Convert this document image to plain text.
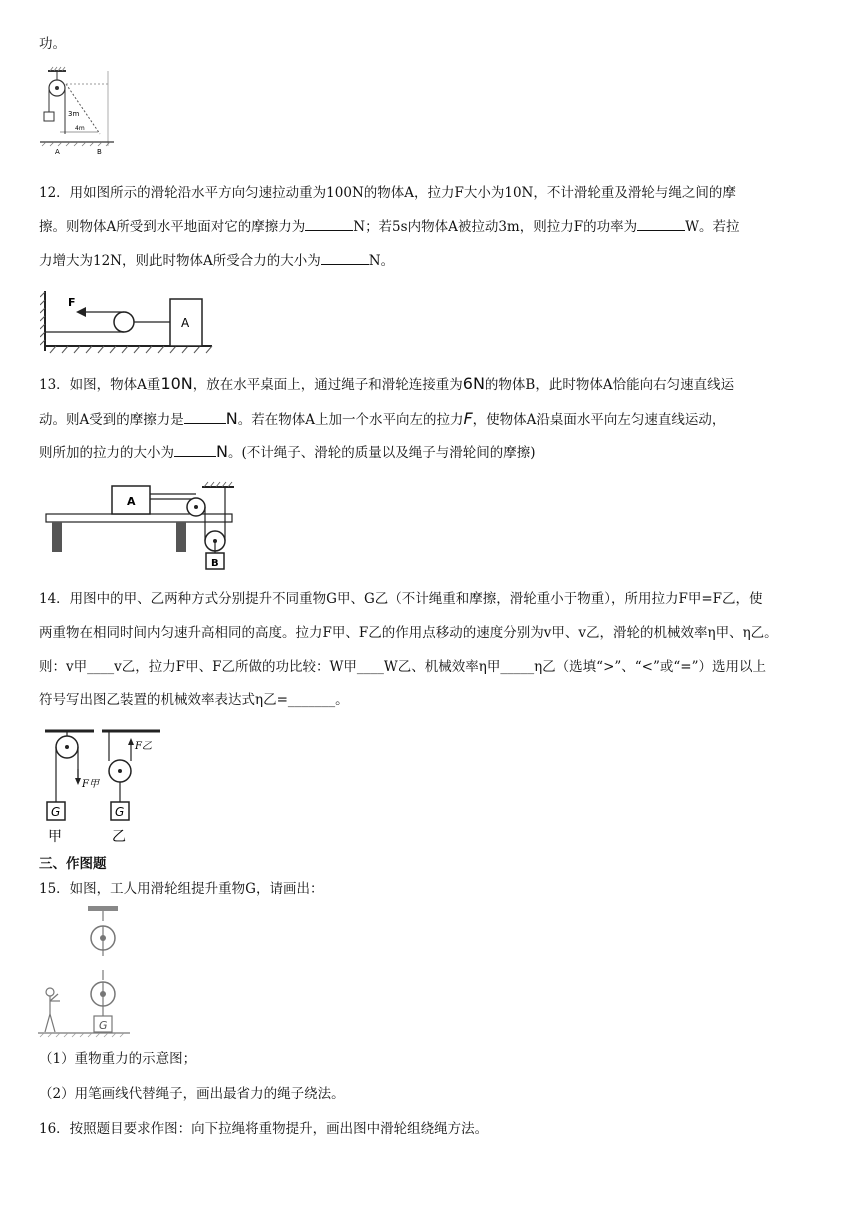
功。
3m
4m
A	B
12．用如图所示的滑轮沿水平方向匀速拉动重为100N的物体A，拉力F大小为10N，不计滑轮重及滑轮与绳之间的摩
擦。则物体A所受到水平地面对它的摩擦力为	N；若5s内物体A被拉动3m，则拉力F的功率为	W。若拉
力增大为12N，则此时物体A所受合力的大小为	N。
A
F
13．如图，物体A重10N，放在水平桌面上，通过绳子和滑轮连接重为6N的物体B，此时物体A恰能向右匀速直线运
动。则A受到的摩擦力是	N。若在物体A上加一个水平向左的拉力F，使物体A沿桌面水平向左匀速直线运动，
则所加的拉力的大小为	N。(不计绳子、滑轮的质量以及绳子与滑轮间的摩擦)
A
B
14．用图中的甲、乙两种方式分别提升不同重物G甲、G乙（不计绳重和摩擦，滑轮重小于物重），所用拉力F甲=F乙，使
两重物在相同时间内匀速升高相同的高度。拉力F甲、F乙的作用点移动的速度分别为v甲、v乙，滑轮的机械效率η甲、η乙。
则：v甲____v乙，拉力F甲、F乙所做的功比较：W甲____W乙、机械效率η甲_____η乙（选填“>”、“<”或“=”）选用以上
符号写出图乙装置的机械效率表达式η乙=_______。
F甲
G
甲
F乙
G
乙
三、作图题
15．如图，工人用滑轮组提升重物G，请画出：
G
（1）重物重力的示意图；
（2）用笔画线代替绳子，画出最省力的绳子绕法。
16．按照题目要求作图：向下拉绳将重物提升，画出图中滑轮组绕绳方法。
